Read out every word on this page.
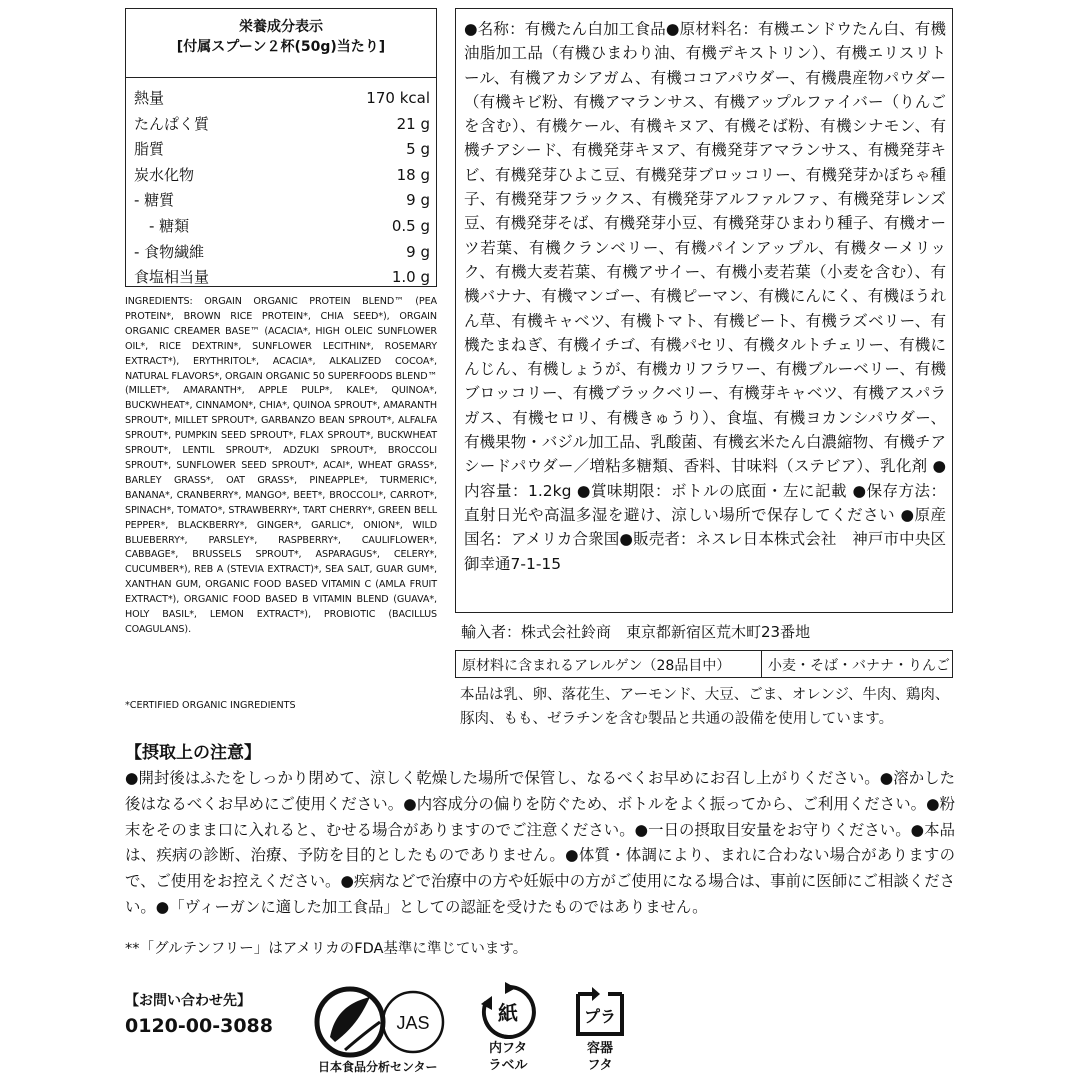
栄養成分表示
[付属スプーン２杯(50g)当たり]
熱量	170 kcal
たんぱく質	21 g
脂質	5 g
炭水化物	18 g
- 糖質	9 g
　- 糖類	0.5 g
- 食物繊維	9 g
食塩相当量	1.0 g
INGREDIENTS: ORGAIN ORGANIC PROTEIN BLEND™ (PEA PROTEIN*, BROWN RICE PROTEIN*, CHIA SEED*), ORGAIN ORGANIC CREAMER BASE™ (ACACIA*, HIGH OLEIC SUNFLOWER OIL*, RICE DEXTRIN*, SUNFLOWER LECITHIN*, ROSEMARY EXTRACT*), ERYTHRITOL*, ACACIA*, ALKALIZED COCOA*, NATURAL FLAVORS*, ORGAIN ORGANIC 50 SUPERFOODS BLEND™ (MILLET*, AMARANTH*, APPLE PULP*, KALE*, QUINOA*, BUCKWHEAT*, CINNAMON*, CHIA*, QUINOA SPROUT*, AMARANTH SPROUT*, MILLET SPROUT*, GARBANZO BEAN SPROUT*, ALFALFA SPROUT*, PUMPKIN SEED SPROUT*, FLAX SPROUT*, BUCKWHEAT SPROUT*, LENTIL SPROUT*, ADZUKI SPROUT*, BROCCOLI SPROUT*, SUNFLOWER SEED SPROUT*, ACAI*, WHEAT GRASS*, BARLEY GRASS*, OAT GRASS*, PINEAPPLE*, TURMERIC*, BANANA*, CRANBERRY*, MANGO*, BEET*, BROCCOLI*, CARROT*, SPINACH*, TOMATO*, STRAWBERRY*, TART CHERRY*, GREEN BELL PEPPER*, BLACKBERRY*, GINGER*, GARLIC*, ONION*, WILD BLUEBERRY*, PARSLEY*, RASPBERRY*, CAULIFLOWER*, CABBAGE*, BRUSSELS SPROUT*, ASPARAGUS*, CELERY*, CUCUMBER*), REB A (STEVIA EXTRACT)*, SEA SALT, GUAR GUM*, XANTHAN GUM, ORGANIC FOOD BASED VITAMIN C (AMLA FRUIT EXTRACT*), ORGANIC FOOD BASED B VITAMIN BLEND (GUAVA*, HOLY BASIL*, LEMON EXTRACT*), PROBIOTIC (BACILLUS COAGULANS).
*CERTIFIED ORGANIC INGREDIENTS
●名称：有機たん白加工食品●原材料名：有機エンドウたん白、有機油脂加工品（有機ひまわり油、有機デキストリン）、有機エリスリトール、有機アカシアガム、有機ココアパウダー、有機農産物パウダー（有機キビ粉、有機アマランサス、有機アップルファイバー（りんごを含む）、有機ケール、有機キヌア、有機そば粉、有機シナモン、有機チアシード、有機発芽キヌア、有機発芽アマランサス、有機発芽キビ、有機発芽ひよこ豆、有機発芽ブロッコリー、有機発芽かぼちゃ種子、有機発芽フラックス、有機発芽アルファルファ、有機発芽レンズ豆、有機発芽そば、有機発芽小豆、有機発芽ひまわり種子、有機オーツ若葉、有機クランベリー、有機パインアップル、有機ターメリック、有機大麦若葉、有機アサイー、有機小麦若葉（小麦を含む）、有機バナナ、有機マンゴー、有機ピーマン、有機にんにく、有機ほうれん草、有機キャベツ、有機トマト、有機ビート、有機ラズベリー、有機たまねぎ、有機イチゴ、有機パセリ、有機タルトチェリー、有機にんじん、有機しょうが、有機カリフラワー、有機ブルーベリー、有機ブロッコリー、有機ブラックベリー、有機芽キャベツ、有機アスパラガス、有機セロリ、有機きゅうり）、食塩、有機ヨカンシパウダー、有機果物・バジル加工品、乳酸菌、有機玄米たん白濃縮物、有機チアシードパウダー／増粘多糖類、香料、甘味料（ステビア）、乳化剤 ●内容量：1.2kg ●賞味期限：ボトルの底面・左に記載 ●保存方法：直射日光や高温多湿を避け、涼しい場所で保存してください ●原産国名：アメリカ合衆国●販売者：ネスレ日本株式会社　神戸市中央区御幸通7-1-15
輸入者：株式会社鈴商　東京都新宿区荒木町23番地
原材料に含まれるアレルゲン（28品目中）	小麦・そば・バナナ・りんご
本品は乳、卵、落花生、アーモンド、大豆、ごま、オレンジ、牛肉、鶏肉、豚肉、もも、ゼラチンを含む製品と共通の設備を使用しています。
【摂取上の注意】
●開封後はふたをしっかり閉めて、涼しく乾燥した場所で保管し、なるべくお早めにお召し上がりください。●溶かした後はなるべくお早めにご使用ください。●内容成分の偏りを防ぐため、ボトルをよく振ってから、ご利用ください。●粉末をそのまま口に入れると、むせる場合がありますのでご注意ください。●一日の摂取目安量をお守りください。●本品は、疾病の診断、治療、予防を目的としたものでありません。●体質・体調により、まれに合わない場合がありますので、ご使用をお控えください。●疾病などで治療中の方や妊娠中の方がご使用になる場合は、事前に医師にご相談ください。●「ヴィーガンに適した加工食品」としての認証を受けたものではありません。
**「グルテンフリー」はアメリカのFDA基準に準じています。
【お問い合わせ先】
0120-00-3088	JAS
日本食品分析センター
紙
内フタ
ラベル
プラ
容器
フタ
